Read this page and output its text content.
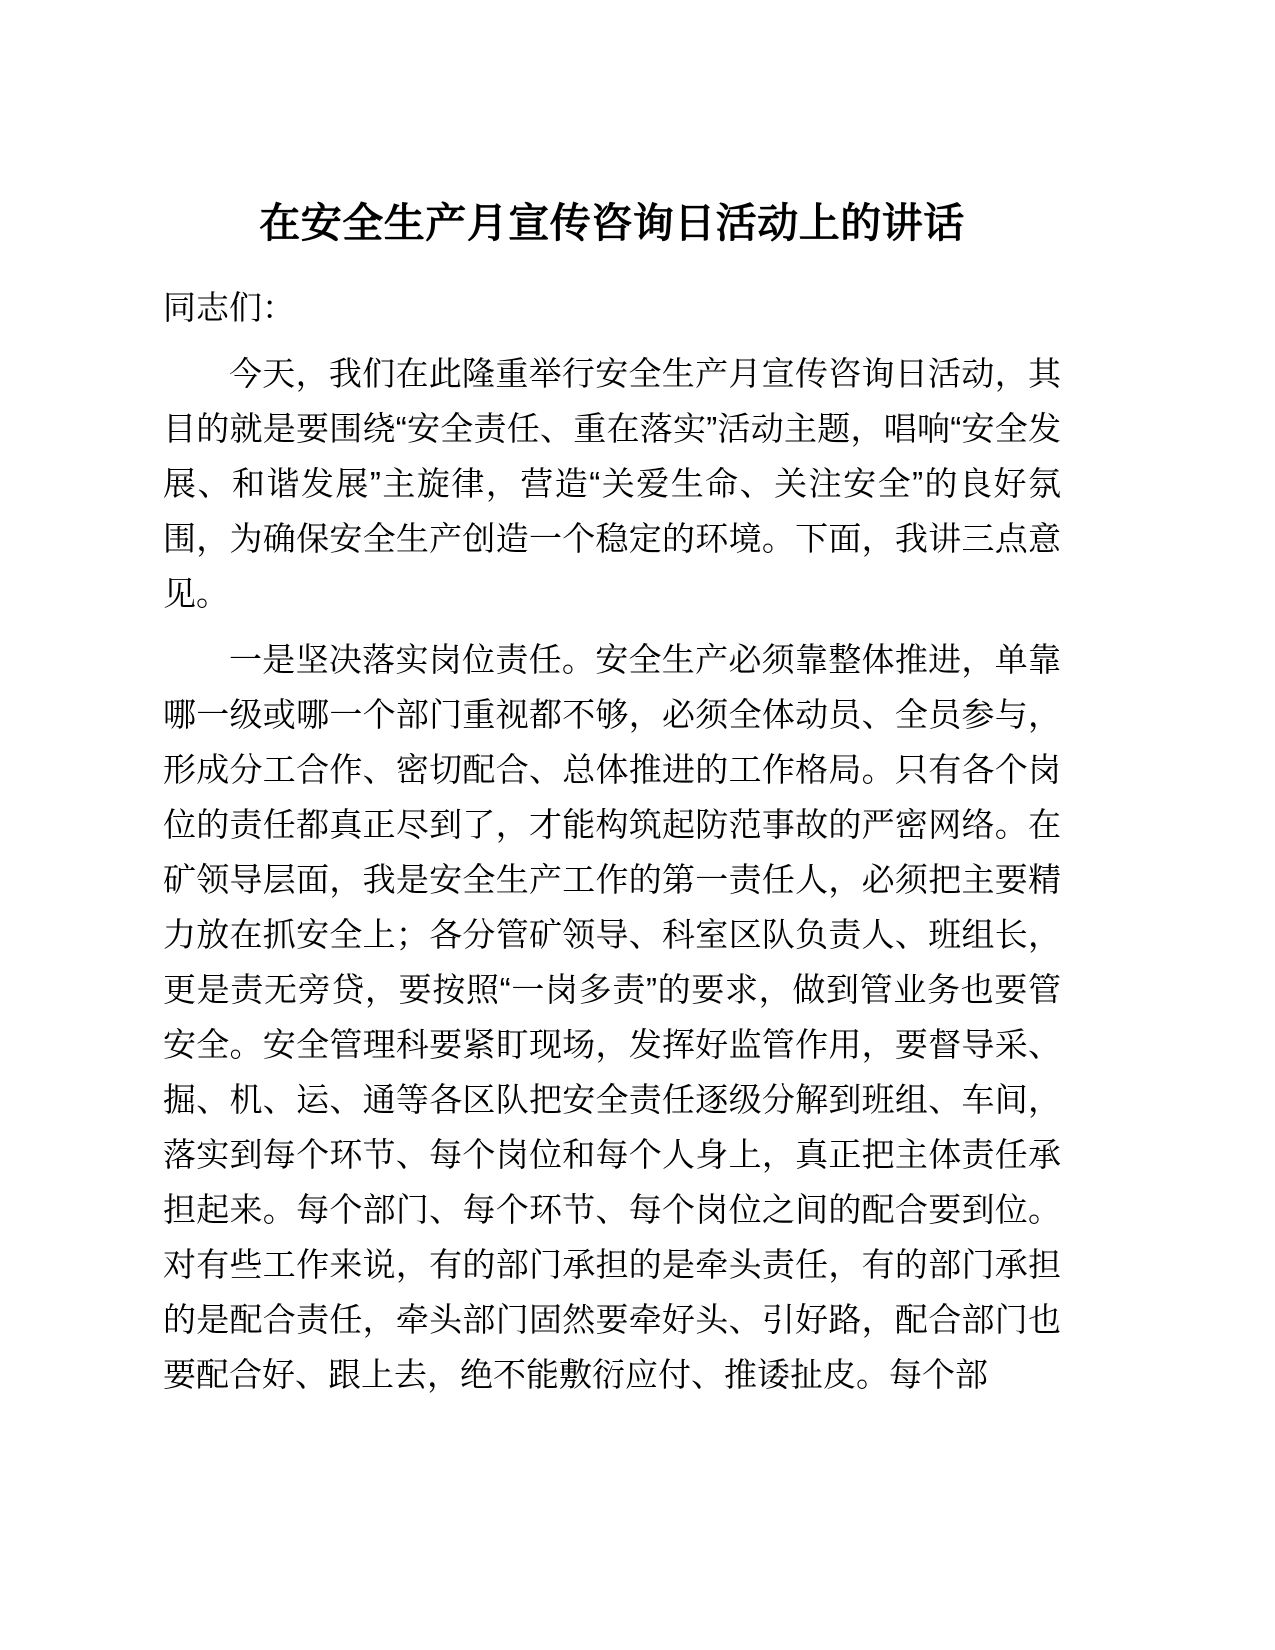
在安全生产月宣传咨询日活动上的讲话

同志们：

今天，我们在此隆重举行安全生产月宣传咨询日活动，其目的就是要围绕“安全责任、重在落实”活动主题，唱响“安全发展、和谐发展”主旋律，营造“关爱生命、关注安全”的良好氛围，为确保安全生产创造一个稳定的环境。下面，我讲三点意见。

一是坚决落实岗位责任。安全生产必须靠整体推进，单靠哪一级或哪一个部门重视都不够，必须全体动员、全员参与，形成分工合作、密切配合、总体推进的工作格局。只有各个岗位的责任都真正尽到了，才能构筑起防范事故的严密网络。在矿领导层面，我是安全生产工作的第一责任人，必须把主要精力放在抓安全上；各分管矿领导、科室区队负责人、班组长，更是责无旁贷，要按照“一岗多责”的要求，做到管业务也要管安全。安全管理科要紧盯现场，发挥好监管作用，要督导采、掘、机、运、通等各区队把安全责任逐级分解到班组、车间，落实到每个环节、每个岗位和每个人身上，真正把主体责任承担起来。每个部门、每个环节、每个岗位之间的配合要到位。对有些工作来说，有的部门承担的是牵头责任，有的部门承担的是配合责任，牵头部门固然要牵好头、引好路，配合部门也要配合好、跟上去，绝不能敷衍应付、推诿扯皮。每个部
